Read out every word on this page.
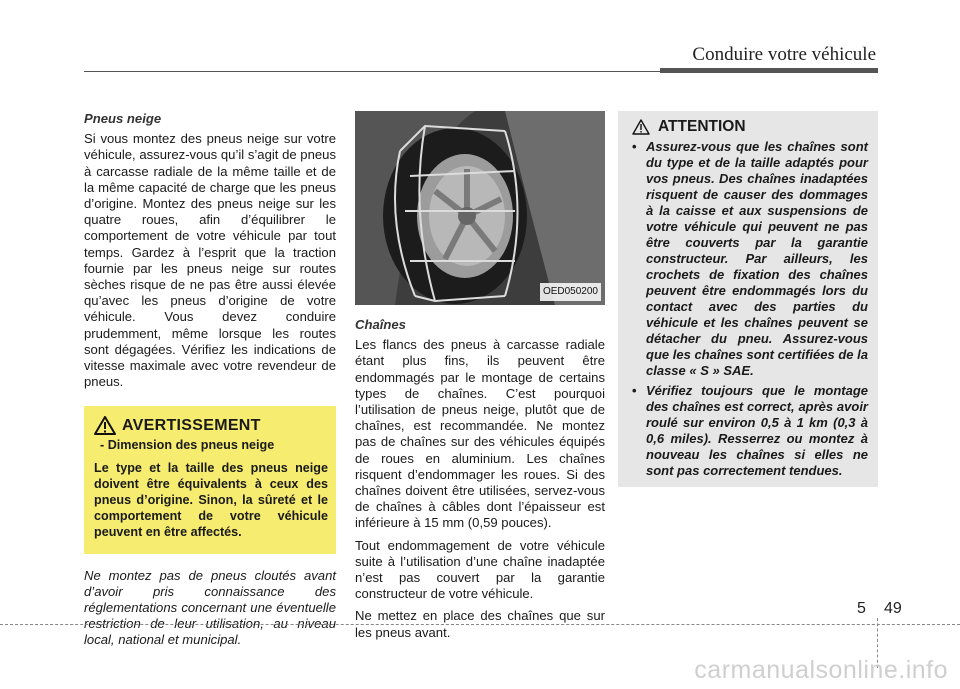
Conduire votre véhicule
Pneus neige

Si vous montez des pneus neige sur votre véhicule, assurez-vous qu’il s’agit de pneus à carcasse radiale de la même taille et de la même capacité de charge que les pneus d’origine. Montez des pneus neige sur les quatre roues, afin d’équilibrer le comportement de votre véhicule par tout temps. Gardez à l’esprit que la traction fournie par les pneus neige sur routes sèches risque de ne pas être aussi élevée qu’avec les pneus d’origine de votre véhicule. Vous devez conduire prudemment, même lorsque les routes sont dégagées. Vérifiez les indications de vitesse maximale avec votre revendeur de pneus.

AVERTISSEMENT
- Dimension des pneus neige
Le type et la taille des pneus neige doivent être équivalents à ceux des pneus d’origine. Sinon, la sûreté et le comportement de votre véhicule peuvent en être affectés.

Ne montez pas de pneus cloutés avant d’avoir pris connaissance des réglementations concernant une éventuelle restriction de leur utilisation, au niveau local, national et municipal.

OED050200
Chaînes

Les flancs des pneus à carcasse radiale étant plus fins, ils peuvent être endommagés par le montage de certains types de chaînes. C’est pourquoi l’utilisation de pneus neige, plutôt que de chaînes, est recommandée. Ne montez pas de chaînes sur des véhicules équipés de roues en aluminium. Les chaînes risquent d’endommager les roues. Si des chaînes doivent être utilisées, servez-vous de chaînes à câbles dont l’épaisseur est inférieure à 15 mm (0,59 pouces).

Tout endommagement de votre véhicule suite à l’utilisation d’une chaîne inadaptée n’est pas couvert par la garantie constructeur de votre véhicule.

Ne mettez en place des chaînes que sur les pneus avant.

ATTENTION
• Assurez-vous que les chaînes sont du type et de la taille adaptés pour vos pneus. Des chaînes inadaptées risquent de causer des dommages à la caisse et aux suspensions de votre véhicule qui peuvent ne pas être couverts par la garantie constructeur. Par ailleurs, les crochets de fixation des chaînes peuvent être endommagés lors du contact avec des parties du véhicule et les chaînes peuvent se détacher du pneu. Assurez-vous que les chaînes sont certifiées de la classe « S » SAE.
• Vérifiez toujours que le montage des chaînes est correct, après avoir roulé sur environ 0,5 à 1 km (0,3 à 0,6 miles). Resserrez ou montez à nouveau les chaînes si elles ne sont pas correctement tendues.
5 49
carmanualsonline.info
